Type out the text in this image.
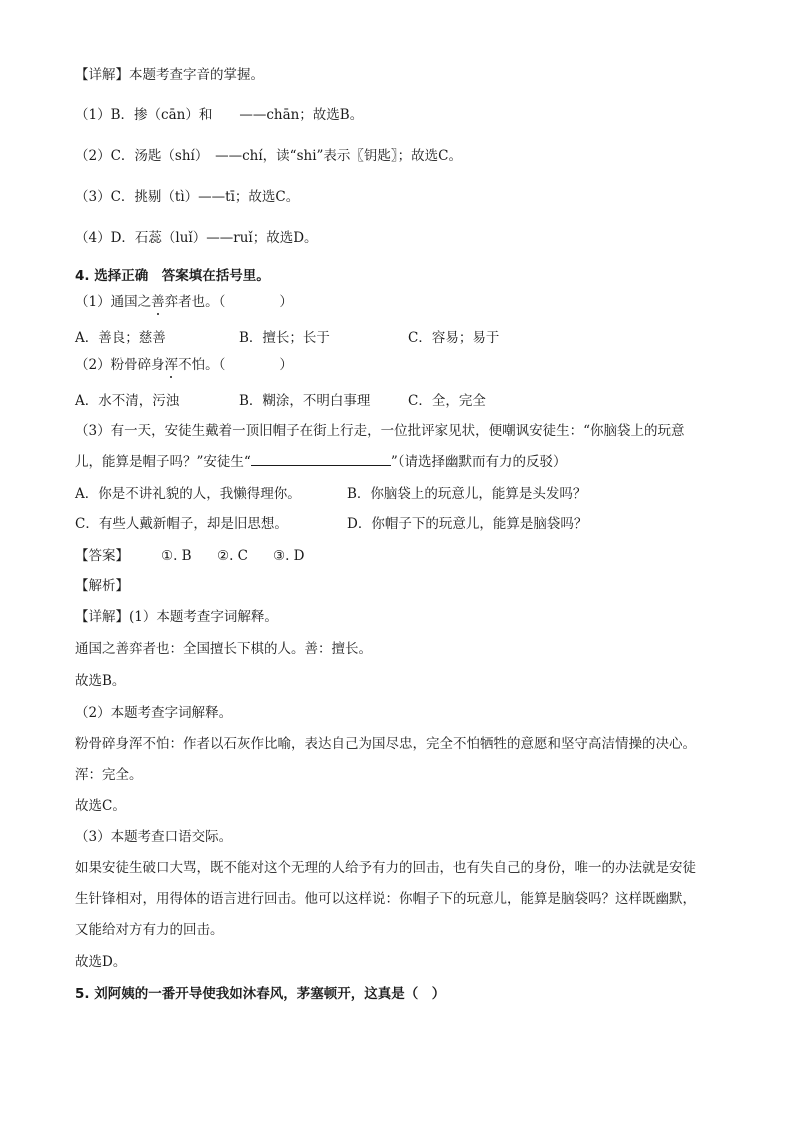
【详解】本题考查字音的掌握。
（1）B．掺（cān）和　　——chān；故选B。
（2）C．汤匙（shí）　——chí，读“shi”表示〖钥匙〗；故选C。
（3）C．挑剔（tì）——tī；故选C。
（4）D．石蕊（luǐ）——ruǐ；故选D。
4. 选择正确　答案填在括号里。
（1）通国之善弈者也。（　　　　）
A．善良；慈善	B．擅长；长于	C．容易；易于
（2）粉骨碎身浑不怕。（　　　　）
A．水不清，污浊	B．糊涂，不明白事理	C．全，完全
（3）有一天，安徒生戴着一顶旧帽子在街上行走，一位批评家见状，便嘲讽安徒生：“你脑袋上的玩意
儿，能算是帽子吗？”安徒生“	”（请选择幽默而有力的反驳）
A．你是不讲礼貌的人，我懒得理你。	B．你脑袋上的玩意儿，能算是头发吗？
C．有些人戴新帽子，却是旧思想。	D．你帽子下的玩意儿，能算是脑袋吗？
【答案】 ①. B ②. C ③. D
【解析】
【详解】(1）本题考查字词解释。
通国之善弈者也：全国擅长下棋的人。善：擅长。
故选B。
（2）本题考查字词解释。
粉骨碎身浑不怕：作者以石灰作比喻，表达自己为国尽忠，完全不怕牺牲的意愿和坚守高洁情操的决心。
浑：完全。
故选C。
（3）本题考查口语交际。
如果安徒生破口大骂，既不能对这个无理的人给予有力的回击，也有失自己的身份，唯一的办法就是安徒
生针锋相对，用得体的语言进行回击。他可以这样说：你帽子下的玩意儿，能算是脑袋吗？这样既幽默，
又能给对方有力的回击。
故选D。
5. 刘阿姨的一番开导使我如沐春风，茅塞顿开，这真是（　）
